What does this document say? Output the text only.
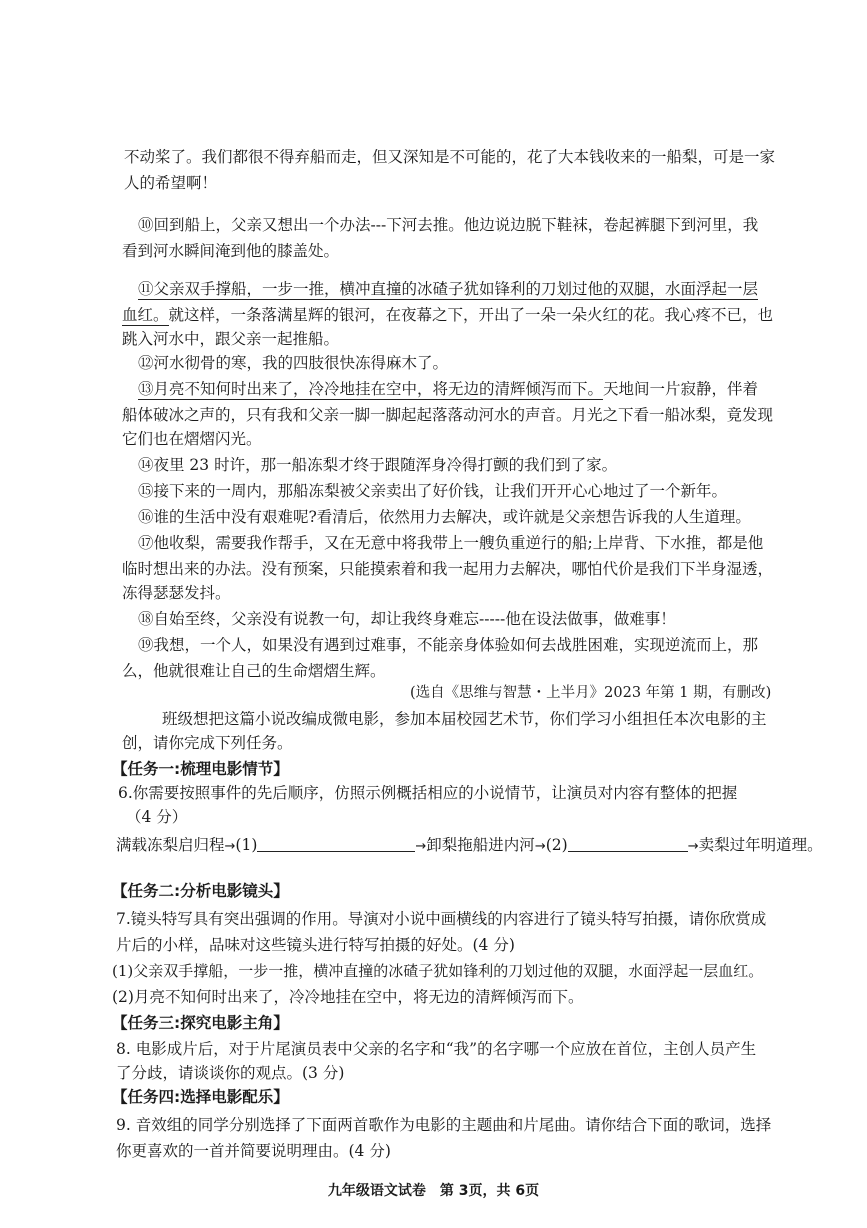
不动桨了。我们都很不得弃船而走，但又深知是不可能的，花了大本钱收来的一船梨，可是一家
人的希望啊！
⑩回到船上，父亲又想出一个办法---下河去推。他边说边脱下鞋袜，卷起裤腿下到河里，我
看到河水瞬间淹到他的膝盖处。
⑪父亲双手撑船，一步一推，横冲直撞的冰碴子犹如锋利的刀划过他的双腿，水面浮起一层
血红。就这样，一条落满星辉的银河，在夜幕之下，开出了一朵一朵火红的花。我心疼不已，也
跳入河水中，跟父亲一起推船。
⑫河水彻骨的寒，我的四肢很快冻得麻木了。
⑬月亮不知何时出来了，冷冷地挂在空中，将无边的清辉倾泻而下。天地间一片寂静，伴着
船体破冰之声的，只有我和父亲一脚一脚起起落落动河水的声音。月光之下看一船冰梨，竟发现
它们也在熠熠闪光。
⑭夜里 23 时许，那一船冻梨才终于跟随浑身冷得打颤的我们到了家。
⑮接下来的一周内，那船冻梨被父亲卖出了好价钱，让我们开开心心地过了一个新年。
⑯谁的生活中没有艰难呢?看清后，依然用力去解决，或许就是父亲想告诉我的人生道理。
⑰他收梨，需要我作帮手，又在无意中将我带上一艘负重逆行的船;上岸背、下水推，都是他
临时想出来的办法。没有预案，只能摸索着和我一起用力去解决，哪怕代价是我们下半身湿透，
冻得瑟瑟发抖。
⑱自始至终，父亲没有说教一句，却让我终身难忘-----他在设法做事，做难事！
⑲我想，一个人，如果没有遇到过难事，不能亲身体验如何去战胜困难，实现逆流而上，那
么，他就很难让自己的生命熠熠生辉。
(选自《思维与智慧・上半月》2023 年第 1 期，有删改)
班级想把这篇小说改编成微电影，参加本届校园艺术节，你们学习小组担任本次电影的主
创，请你完成下列任务。
【任务一:梳理电影情节】
6.你需要按照事件的先后顺序，仿照示例概括相应的小说情节，让演员对内容有整体的把握
（4 分）
满载冻梨启归程→(1)	→卸梨拖船进内河→(2)	→卖梨过年明道理。
【任务二:分析电影镜头】
7.镜头特写具有突出强调的作用。导演对小说中画横线的内容进行了镜头特写拍摄，请你欣赏成
片后的小样，品味对这些镜头进行特写拍摄的好处。(4 分)
(1)父亲双手撑船，一步一推，横冲直撞的冰碴子犹如锋利的刀划过他的双腿，水面浮起一层血红。
(2)月亮不知何时出来了，冷冷地挂在空中，将无边的清辉倾泻而下。
【任务三:探究电影主角】
8. 电影成片后，对于片尾演员表中父亲的名字和“我”的名字哪一个应放在首位，主创人员产生
了分歧，请谈谈你的观点。(3 分)
【任务四:选择电影配乐】
9. 音效组的同学分别选择了下面两首歌作为电影的主题曲和片尾曲。请你结合下面的歌词，选择
你更喜欢的一首并简要说明理由。(4 分)
九年级语文试卷　第 3页，共 6页
